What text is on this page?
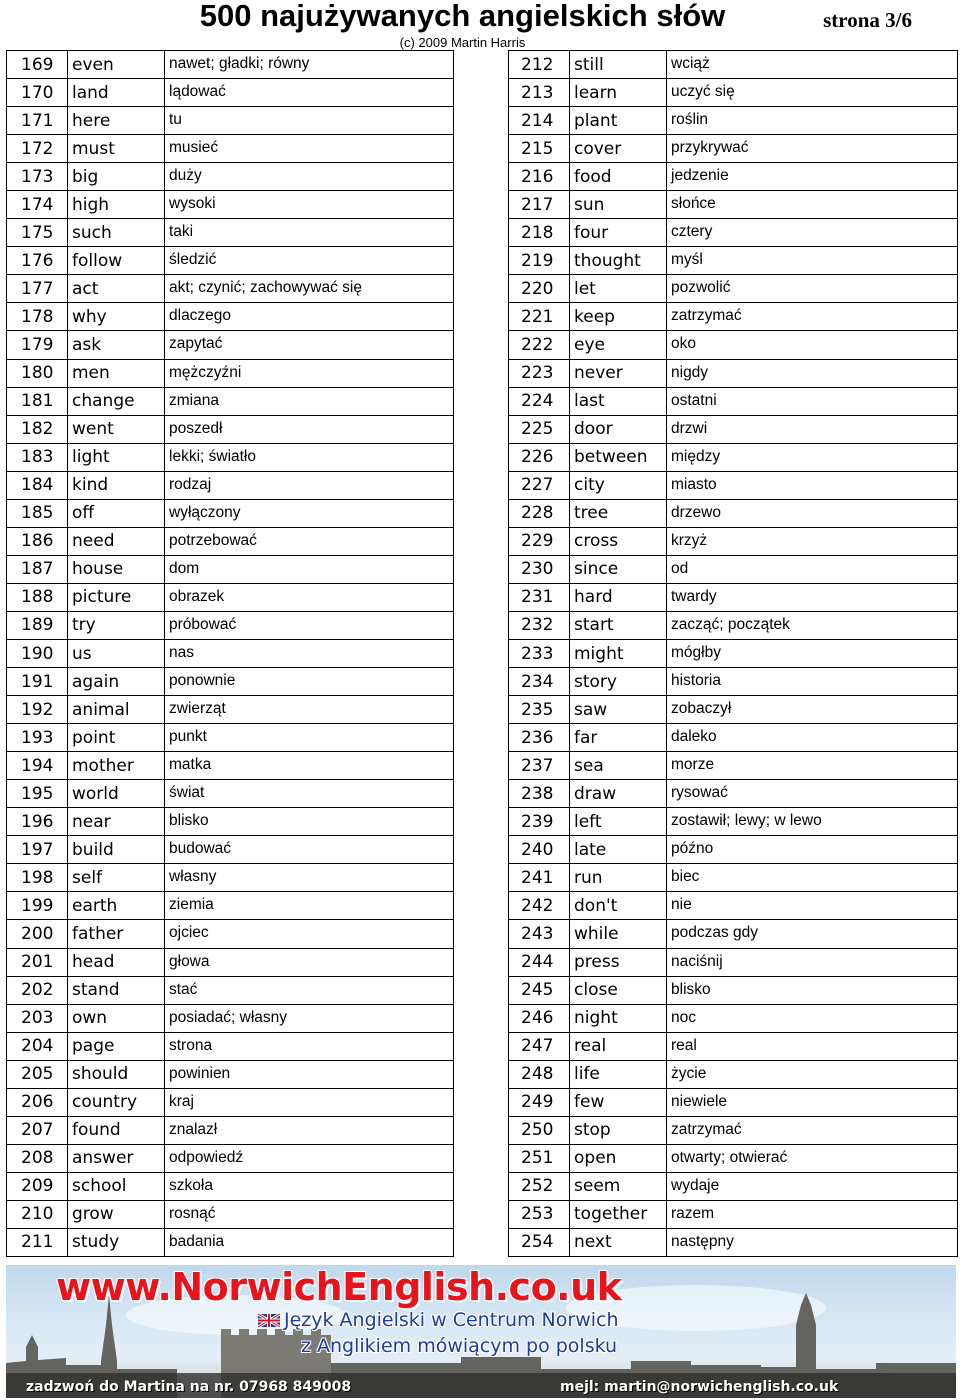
500 najużywanych angielskich słów	strona 3/6
(c) 2009 Martin Harris
169	even	nawet; gładki; równy
170	land	lądować
171	here	tu
172	must	musieć
173	big	duży
174	high	wysoki
175	such	taki
176	follow	śledzić
177	act	akt; czynić; zachowywać się
178	why	dlaczego
179	ask	zapytać
180	men	mężczyźni
181	change	zmiana
182	went	poszedł
183	light	lekki; światło
184	kind	rodzaj
185	off	wyłączony
186	need	potrzebować
187	house	dom
188	picture	obrazek
189	try	próbować
190	us	nas
191	again	ponownie
192	animal	zwierząt
193	point	punkt
194	mother	matka
195	world	świat
196	near	blisko
197	build	budować
198	self	własny
199	earth	ziemia
200	father	ojciec
201	head	głowa
202	stand	stać
203	own	posiadać; własny
204	page	strona
205	should	powinien
206	country	kraj
207	found	znalazł
208	answer	odpowiedź
209	school	szkoła
210	grow	rosnąć
211	study	badania
212	still	wciąż
213	learn	uczyć się
214	plant	roślin
215	cover	przykrywać
216	food	jedzenie
217	sun	słońce
218	four	cztery
219	thought	myśl
220	let	pozwolić
221	keep	zatrzymać
222	eye	oko
223	never	nigdy
224	last	ostatni
225	door	drzwi
226	between	między
227	city	miasto
228	tree	drzewo
229	cross	krzyż
230	since	od
231	hard	twardy
232	start	zacząć; początek
233	might	mógłby
234	story	historia
235	saw	zobaczył
236	far	daleko
237	sea	morze
238	draw	rysować
239	left	zostawił; lewy; w lewo
240	late	późno
241	run	biec
242	don't	nie
243	while	podczas gdy
244	press	naciśnij
245	close	blisko
246	night	noc
247	real	real
248	life	życie
249	few	niewiele
250	stop	zatrzymać
251	open	otwarty; otwierać
252	seem	wydaje
253	together	razem
254	next	następny
www.NorwichEnglish.co.uk
Język Angielski w Centrum Norwich
z Anglikiem mówiącym po polsku
zadzwoń do Martina na nr. 07968 849008	mejl: martin@norwichenglish.co.uk
